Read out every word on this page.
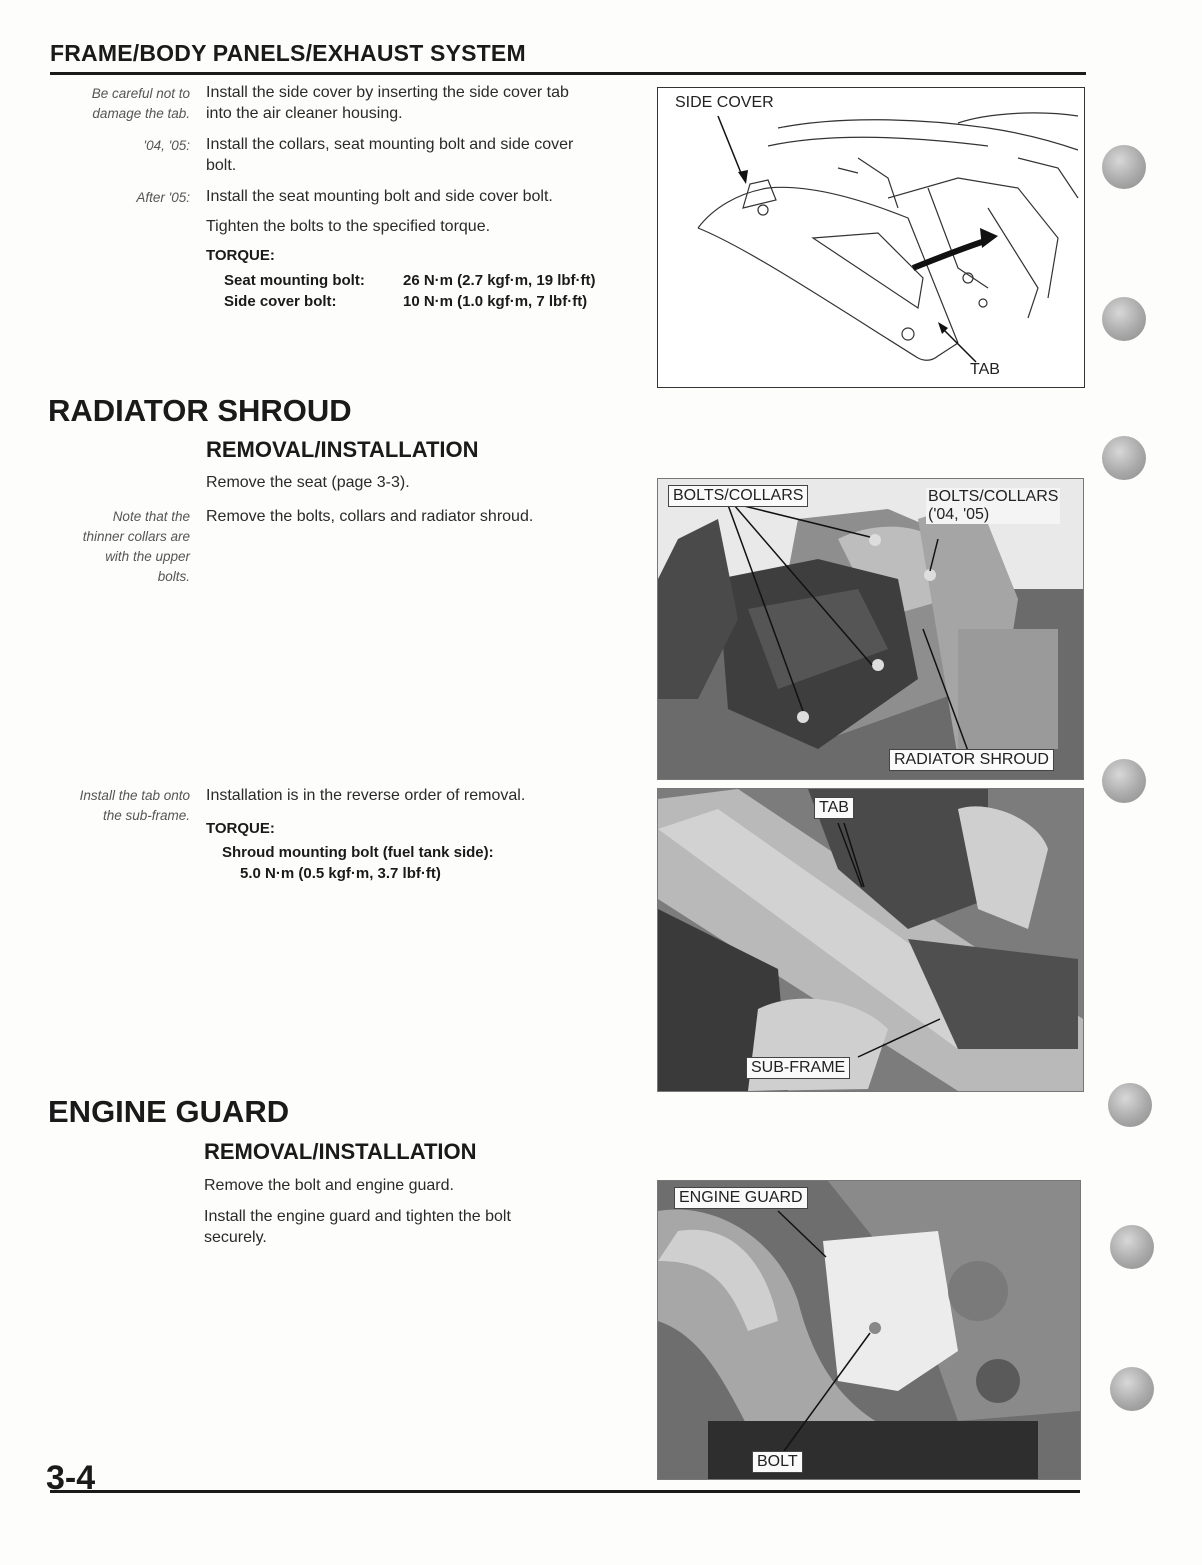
FRAME/BODY PANELS/EXHAUST SYSTEM
Be careful not to
damage the tab.
Install the side cover by inserting the side cover tab
into the air cleaner housing.
'04, '05: Install the collars, seat mounting bolt and side cover
bolt.
After '05: Install the seat mounting bolt and side cover bolt.
Tighten the bolts to the specified torque.
TORQUE:
Seat mounting bolt:	26 N·m (2.7 kgf·m, 19 lbf·ft)
Side cover bolt:	10 N·m (1.0 kgf·m, 7 lbf·ft)
SIDE COVER
TAB
RADIATOR SHROUD
REMOVAL/INSTALLATION
Remove the seat (page 3-3).
Note that the
thinner collars are
with the upper
bolts.
Remove the bolts, collars and radiator shroud.
Install the tab onto
the sub-frame.
Installation is in the reverse order of removal.
TORQUE:
Shroud mounting bolt (fuel tank side):
5.0 N·m (0.5 kgf·m, 3.7 lbf·ft)
BOLTS/COLLARS	BOLTS/COLLARS
('04, '05)
RADIATOR SHROUD
TAB
SUB-FRAME
ENGINE GUARD
REMOVAL/INSTALLATION
Remove the bolt and engine guard.
Install the engine guard and tighten the bolt
securely.
ENGINE GUARD
BOLT
3-4
